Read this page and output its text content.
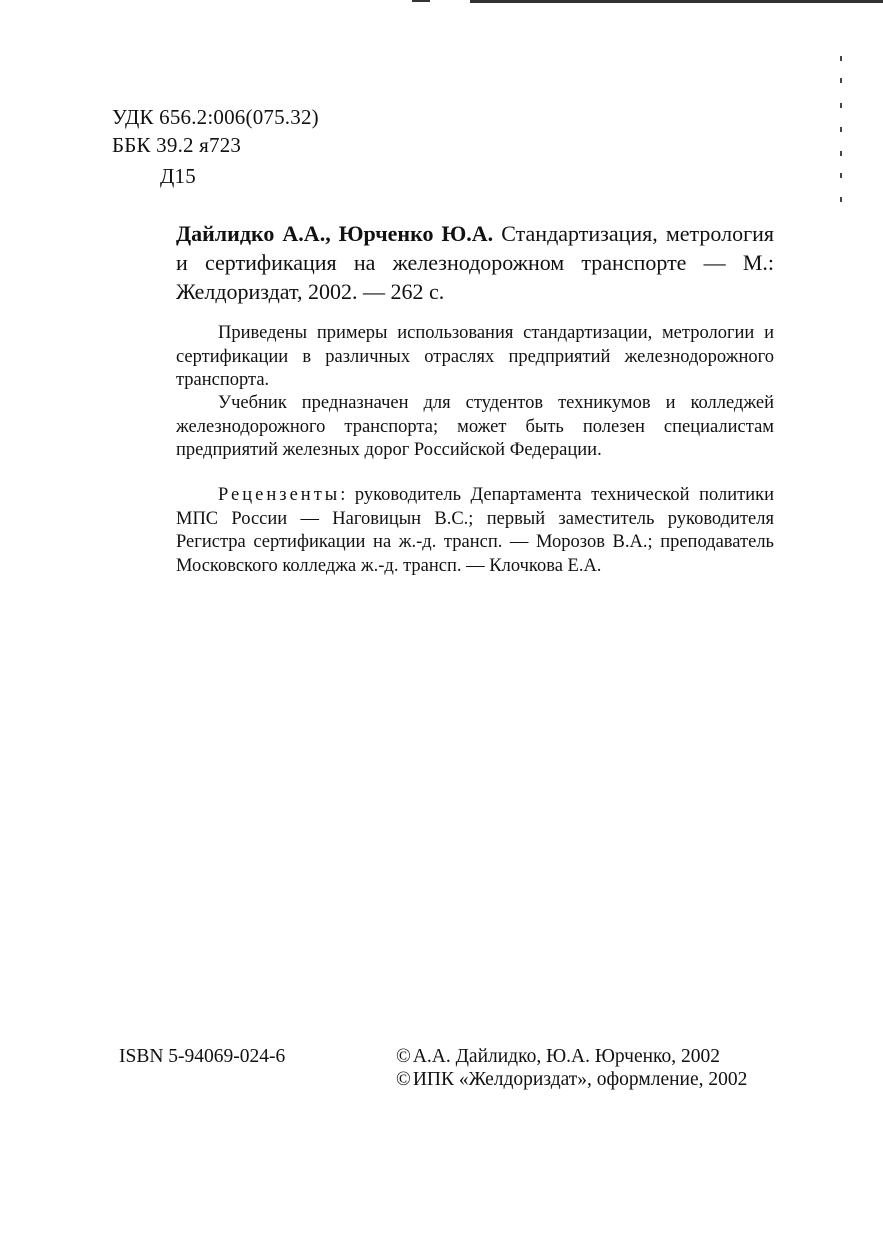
УДК 656.2:006(075.32)
ББК 39.2 я723
Д15
Дайлидко А.А., Юрченко Ю.А. Стандартизация, метрология и сертификация на железнодорожном транспорте — М.: Желдориздат, 2002. — 262 с.
Приведены примеры использования стандартизации, метрологии и сертификации в различных отраслях предприятий железнодорожного транспорта.
Учебник предназначен для студентов техникумов и колледжей железнодорожного транспорта; может быть полезен специалистам предприятий железных дорог Российской Федерации.
Рецензенты: руководитель Департамента технической политики МПС России — Наговицын В.С.; первый заместитель руководителя Регистра сертификации на ж.-д. трансп. — Морозов В.А.; преподаватель Московского колледжа ж.-д. трансп. — Клочкова Е.А.
ISBN 5-94069-024-6	© А.А. Дайлидко, Ю.А. Юрченко, 2002
© ИПК «Желдориздат», оформление, 2002
